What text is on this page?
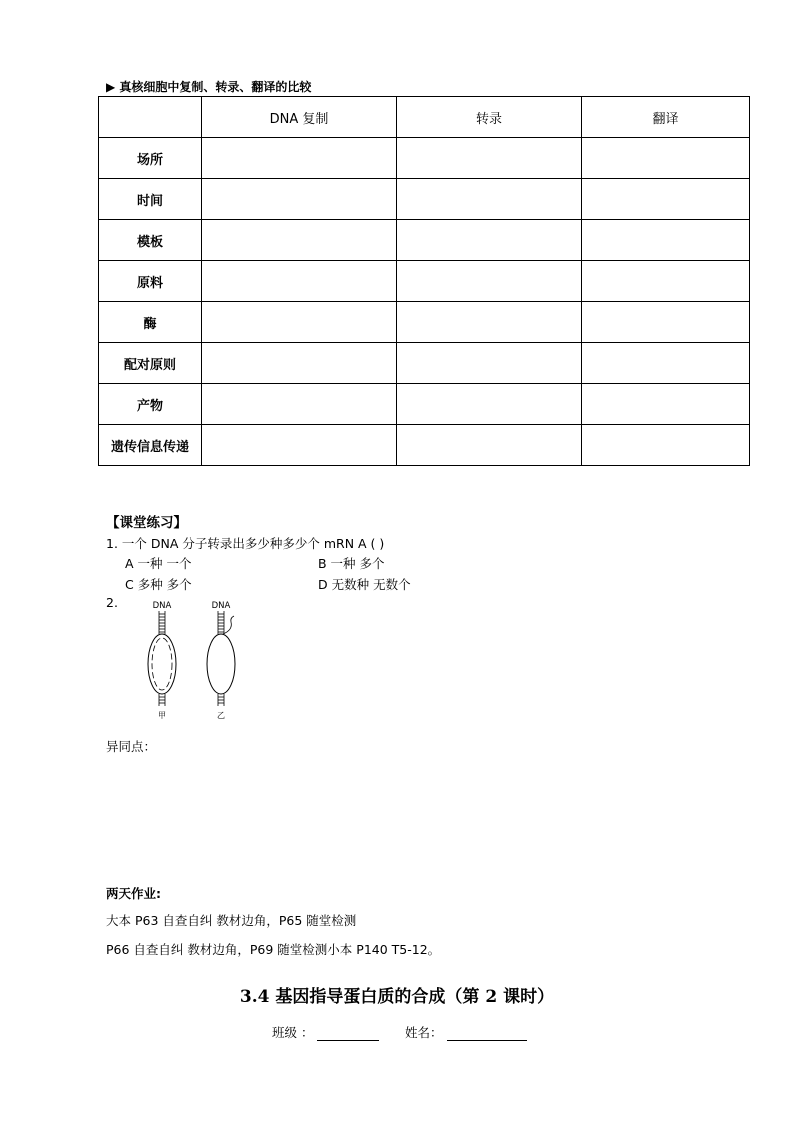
▶ 真核细胞中复制、转录、翻译的比较
	DNA 复制	转录	翻译
场所			
时间			
模板			
原料			
酶			
配对原则			
产物			
遗传信息传递			
【课堂练习】
1. 一个 DNA 分子转录出多少种多少个 mRN A ( )
A 一种 一个	B 一种 多个
C 多种 多个	D 无数种 无数个
2.	DNA
甲
DNA
乙
异同点：
两天作业:
大本 P63 自查自纠 教材边角，P65 随堂检测
P66 自查自纠 教材边角，P69 随堂检测小本 P140 T5-12。
3.4 基因指导蛋白质的合成（第 2 课时）
班级 ：	姓名：
